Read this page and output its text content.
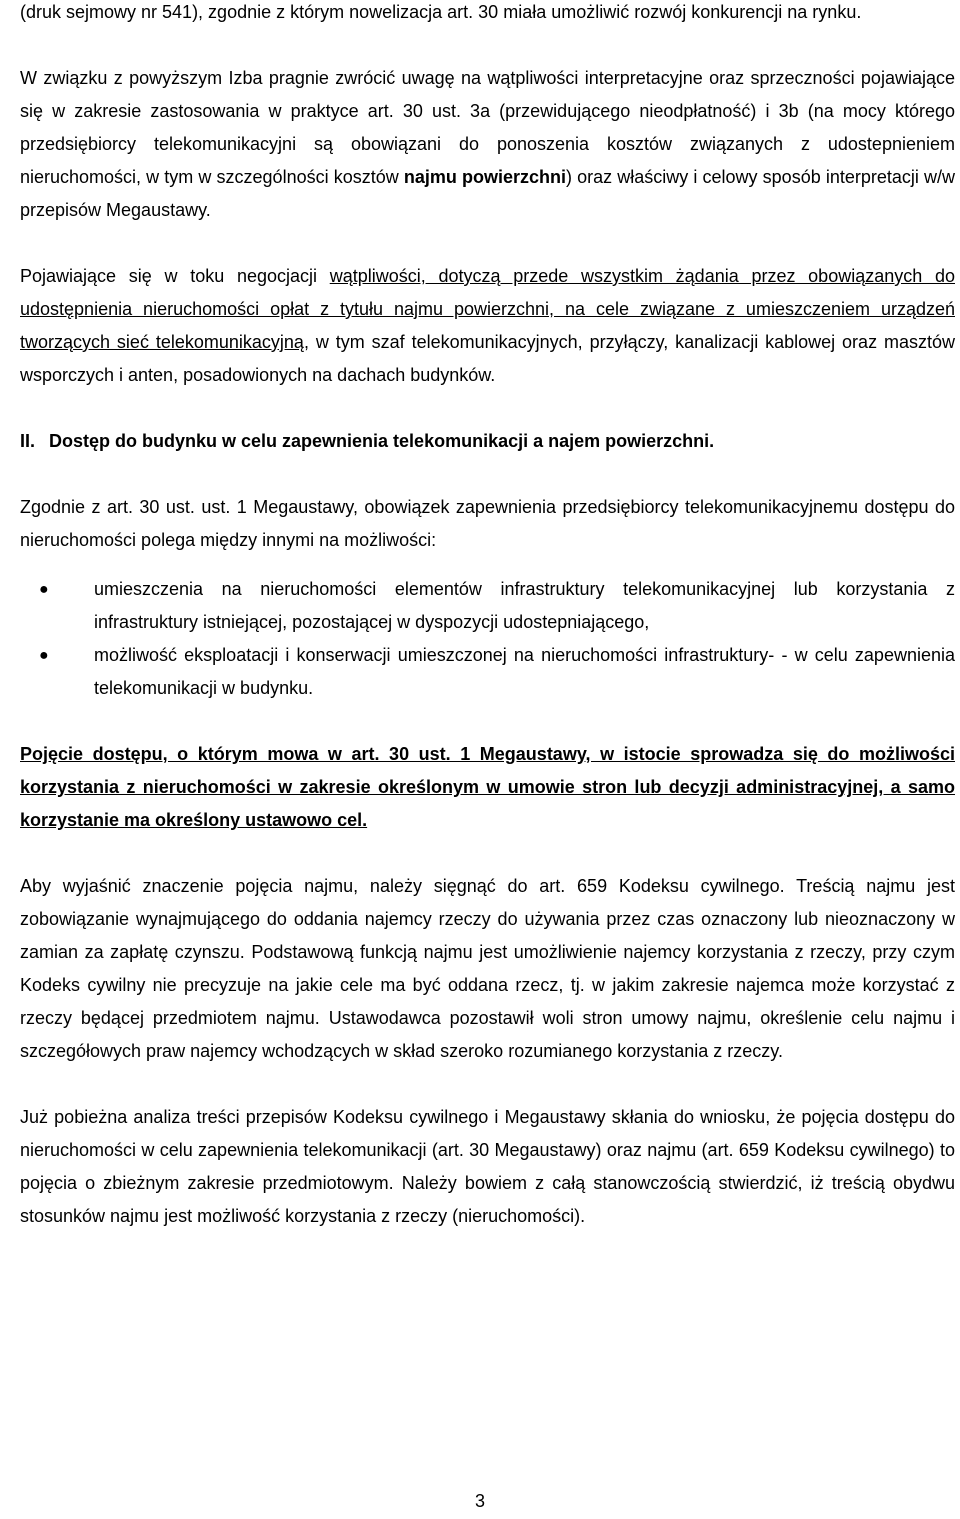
(druk sejmowy nr 541), zgodnie z którym nowelizacja art. 30 miała umożliwić rozwój konkurencji na rynku.

W związku z powyższym Izba pragnie zwrócić uwagę na wątpliwości interpretacyjne oraz sprzeczności pojawiające się w zakresie zastosowania w praktyce art. 30 ust. 3a (przewidującego nieodpłatność) i 3b (na mocy którego przedsiębiorcy telekomunikacyjni są obowiązani do ponoszenia kosztów związanych z udostepnieniem nieruchomości, w tym w szczególności kosztów najmu powierzchni) oraz właściwy i celowy sposób interpretacji w/w przepisów Megaustawy.

Pojawiające się w toku negocjacji wątpliwości, dotyczą przede wszystkim żądania przez obowiązanych do udostępnienia nieruchomości opłat z tytułu najmu powierzchni, na cele związane z umieszczeniem urządzeń tworzących sieć telekomunikacyjną, w tym szaf telekomunikacyjnych, przyłączy, kanalizacji kablowej oraz masztów wsporczych i anten, posadowionych na dachach budynków.

II. Dostęp do budynku w celu zapewnienia telekomunikacji a najem powierzchni.

Zgodnie z art. 30 ust. ust. 1 Megaustawy, obowiązek zapewnienia przedsiębiorcy telekomunikacyjnemu dostępu do nieruchomości polega między innymi na możliwości:

●	umieszczenia na nieruchomości elementów infrastruktury telekomunikacyjnej lub korzystania z infrastruktury istniejącej, pozostającej w dyspozycji udostepniającego,
●	możliwość eksploatacji i konserwacji umieszczonej na nieruchomości infrastruktury- - w celu zapewnienia telekomunikacji w budynku.

Pojęcie dostępu, o którym mowa w art. 30 ust. 1 Megaustawy, w istocie sprowadza się do możliwości korzystania z nieruchomości w zakresie określonym w umowie stron lub decyzji administracyjnej, a samo korzystanie ma określony ustawowo cel.

Aby wyjaśnić znaczenie pojęcia najmu, należy sięgnąć do art. 659 Kodeksu cywilnego. Treścią najmu jest zobowiązanie wynajmującego do oddania najemcy rzeczy do używania przez czas oznaczony lub nieoznaczony w zamian za zapłatę czynszu. Podstawową funkcją najmu jest umożliwienie najemcy korzystania z rzeczy, przy czym Kodeks cywilny nie precyzuje na jakie cele ma być oddana rzecz, tj. w jakim zakresie najemca może korzystać z rzeczy będącej przedmiotem najmu. Ustawodawca pozostawił woli stron umowy najmu, określenie celu najmu i szczegółowych praw najemcy wchodzących w skład szeroko rozumianego korzystania z rzeczy.

Już pobieżna analiza treści przepisów Kodeksu cywilnego i Megaustawy skłania do wniosku, że pojęcia dostępu do nieruchomości w celu zapewnienia telekomunikacji (art. 30 Megaustawy) oraz najmu (art. 659 Kodeksu cywilnego) to pojęcia o zbieżnym zakresie przedmiotowym. Należy bowiem z całą stanowczością stwierdzić, iż treścią obydwu stosunków najmu jest możliwość korzystania z rzeczy (nieruchomości).

3
